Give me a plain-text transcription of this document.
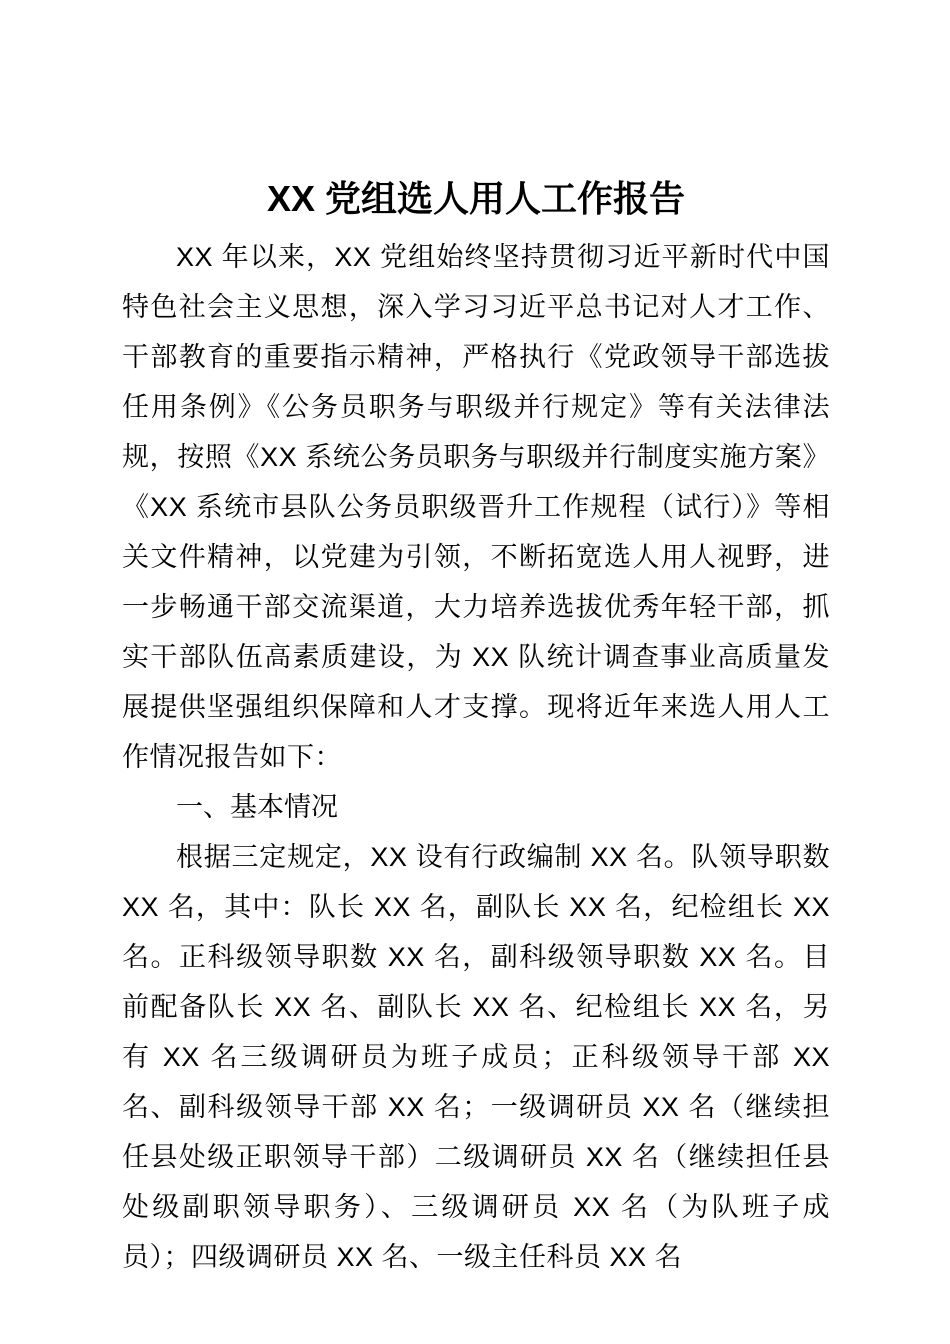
XX 党组选人用人工作报告

XX 年以来，XX 党组始终坚持贯彻习近平新时代中国特色社会主义思想，深入学习习近平总书记对人才工作、干部教育的重要指示精神，严格执行《党政领导干部选拔任用条例》《公务员职务与职级并行规定》等有关法律法规，按照《XX 系统公务员职务与职级并行制度实施方案》《XX 系统市县队公务员职级晋升工作规程（试行）》等相关文件精神，以党建为引领，不断拓宽选人用人视野，进一步畅通干部交流渠道，大力培养选拔优秀年轻干部，抓实干部队伍高素质建设，为 XX 队统计调查事业高质量发展提供坚强组织保障和人才支撑。现将近年来选人用人工作情况报告如下：

一、基本情况

根据三定规定，XX 设有行政编制 XX 名。队领导职数 XX 名，其中：队长 XX 名，副队长 XX 名，纪检组长 XX 名。正科级领导职数 XX 名，副科级领导职数 XX 名。目前配备队长 XX 名、副队长 XX 名、纪检组长 XX 名，另有 XX 名三级调研员为班子成员；正科级领导干部 XX 名、副科级领导干部 XX 名；一级调研员 XX 名（继续担任县处级正职领导干部）二级调研员 XX 名（继续担任县处级副职领导职务）、三级调研员 XX 名（为队班子成员）；四级调研员 XX 名、一级主任科员 XX 名
